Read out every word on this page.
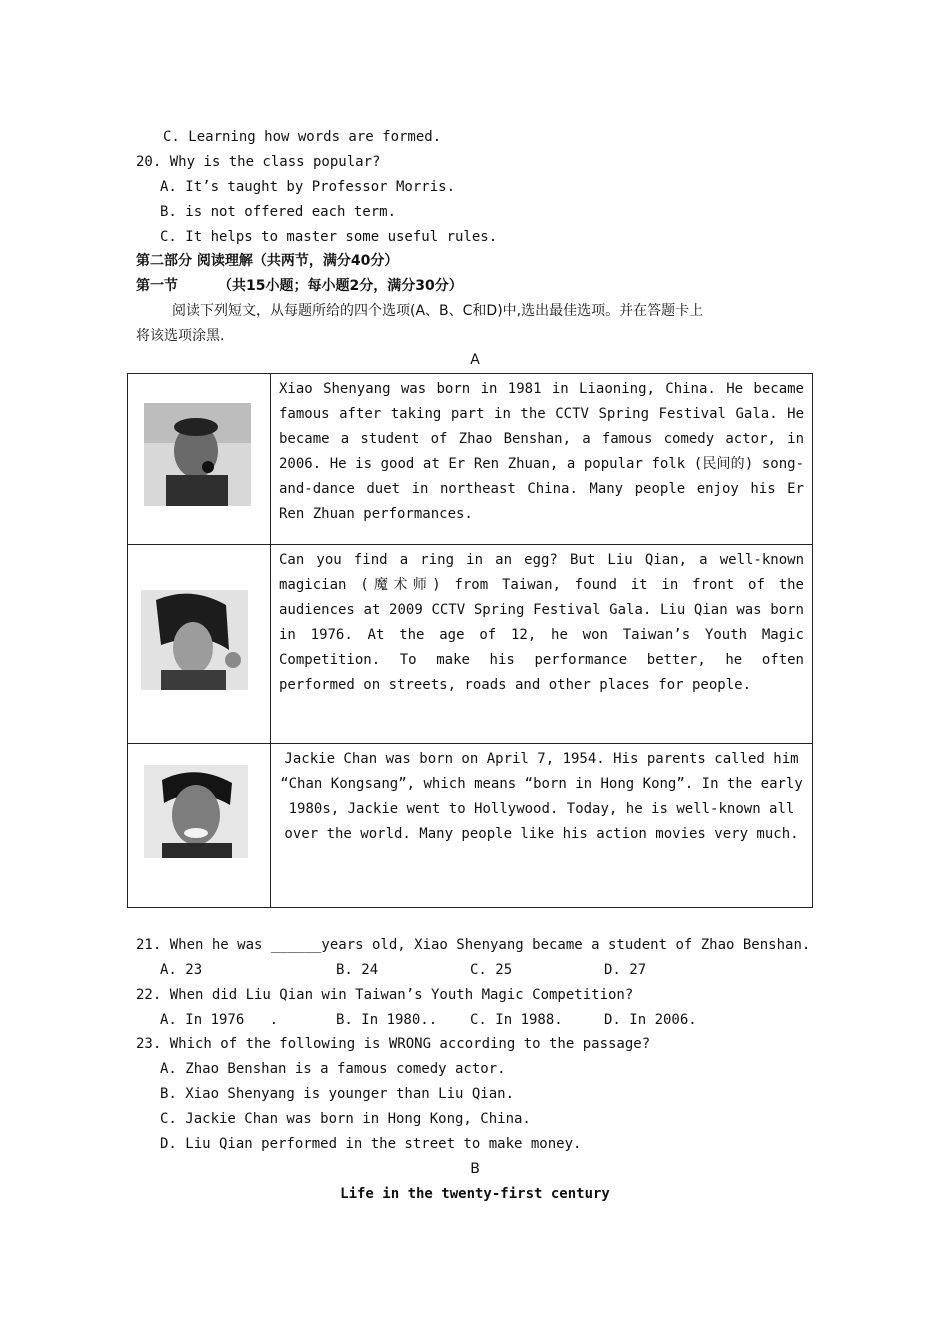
C. Learning how words are formed.
20. Why is the class popular?
A. It’s taught by Professor Morris.
B. is not offered each term.
C. It helps to master some useful rules.
第二部分 阅读理解（共两节，满分40分）
第一节	（共15小题；每小题2分，满分30分）
阅读下列短文，从每题所给的四个选项(A、B、C和D)中,选出最佳选项。并在答题卡上
将该选项涂黑.
A
	Xiao Shenyang was born in 1981 in Liaoning, China. He became famous after taking part in the CCTV Spring Festival Gala. He became a student of Zhao Benshan, a famous comedy actor, in 2006. He is good at Er Ren Zhuan, a popular folk (民间的) song-and-dance duet in northeast China. Many people enjoy his Er Ren Zhuan performances.

	Can you find a ring in an egg? But Liu Qian, a well-known magician (魔术师) from Taiwan, found it in front of the audiences at 2009 CCTV Spring Festival Gala. Liu Qian was born in 1976. At the age of 12, he won Taiwan’s Youth Magic Competition. To make his performance better, he often performed on streets, roads and other places for people.

	Jackie Chan was born on April 7, 1954. His parents called him “Chan Kongsang”, which means “born in Hong Kong”. In the early 1980s, Jackie went to Hollywood. Today, he is well-known all over the world. Many people like his action movies very much.
21. When he was ______years old, Xiao Shenyang became a student of Zhao Benshan.
A. 23	B. 24	C. 25	D. 27
22. When did Liu Qian win Taiwan’s Youth Magic Competition?
A. In 1976   .	B. In 1980.. C. In 1988.	D. In 2006.
23. Which of the following is WRONG according to the passage?
A. Zhao Benshan is a famous comedy actor.
B. Xiao Shenyang is younger than Liu Qian.
C. Jackie Chan was born in Hong Kong, China.
D. Liu Qian performed in the street to make money.
B
Life in the twenty-first century
